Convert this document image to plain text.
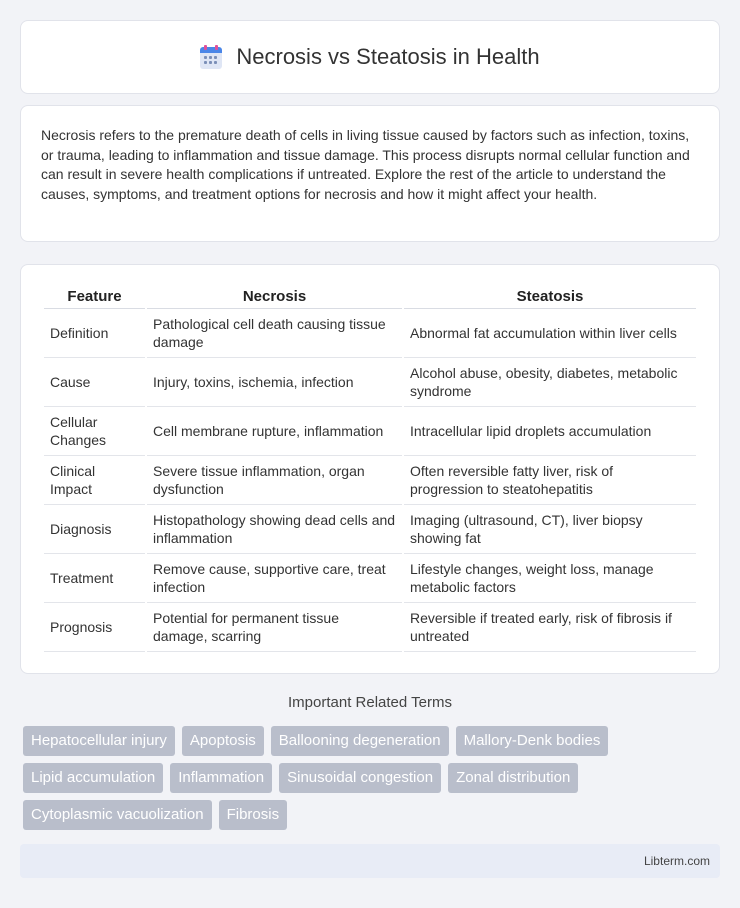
Necrosis vs Steatosis in Health

Necrosis refers to the premature death of cells in living tissue caused by factors such as infection, toxins, or trauma, leading to inflammation and tissue damage. This process disrupts normal cellular function and can result in severe health complications if untreated. Explore the rest of the article to understand the causes, symptoms, and treatment options for necrosis and how it might affect your health.

Feature	Necrosis	Steatosis
Definition	Pathological cell death causing tissue damage	Abnormal fat accumulation within liver cells
Cause	Injury, toxins, ischemia, infection	Alcohol abuse, obesity, diabetes, metabolic syndrome
Cellular Changes	Cell membrane rupture, inflammation	Intracellular lipid droplets accumulation
Clinical Impact	Severe tissue inflammation, organ dysfunction	Often reversible fatty liver, risk of progression to steatohepatitis
Diagnosis	Histopathology showing dead cells and inflammation	Imaging (ultrasound, CT), liver biopsy showing fat
Treatment	Remove cause, supportive care, treat infection	Lifestyle changes, weight loss, manage metabolic factors
Prognosis	Potential for permanent tissue damage, scarring	Reversible if treated early, risk of fibrosis if untreated
Important Related Terms
Hepatocellular injury	Apoptosis	Ballooning degeneration	Mallory-Denk bodies
Lipid accumulation	Inflammation	Sinusoidal congestion	Zonal distribution
Cytoplasmic vacuolization	Fibrosis
Libterm.com
